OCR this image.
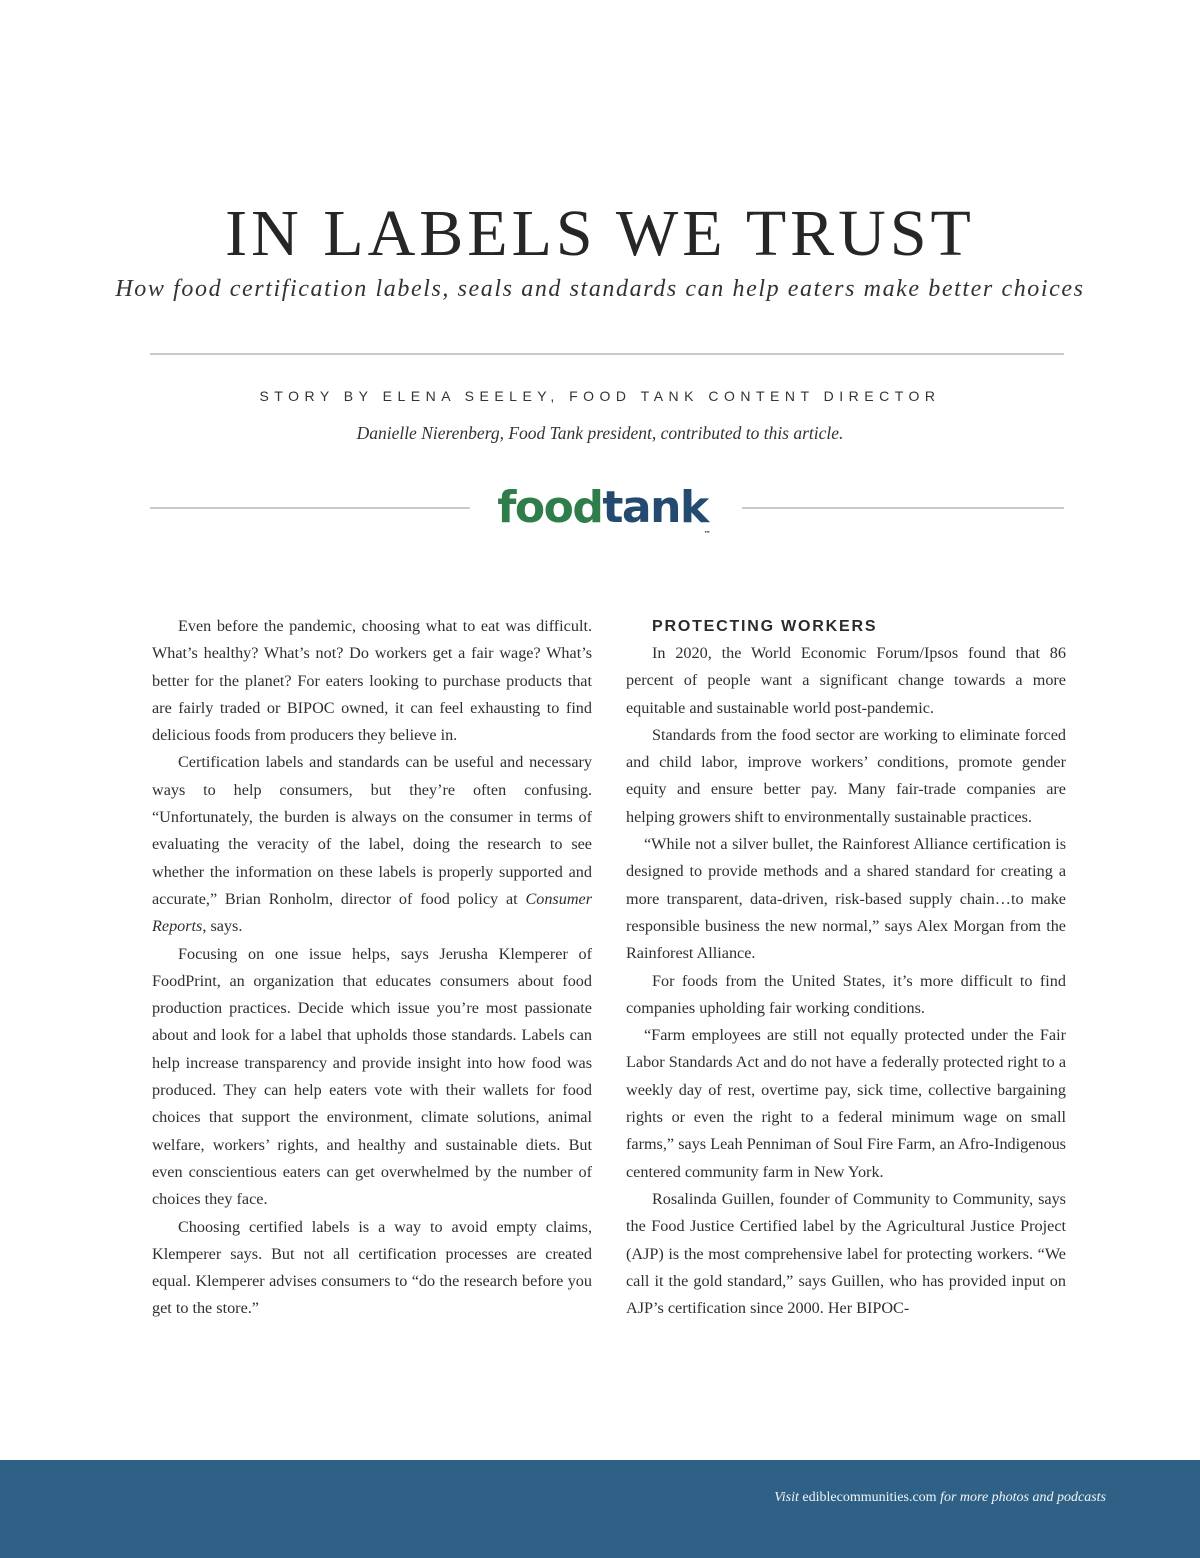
IN LABELS WE TRUST
How food certification labels, seals and standards can help eaters make better choices
STORY BY ELENA SEELEY, FOOD TANK CONTENT DIRECTOR
Danielle Nierenberg, Food Tank president, contributed to this article.
foodtank$_™$

Even before the pandemic, choosing what to eat was difficult. What’s healthy? What’s not? Do workers get a fair wage? What’s better for the planet? For eaters looking to purchase products that are fairly traded or BIPOC owned, it can feel exhausting to find delicious foods from producers they believe in.

Certification labels and standards can be useful and necessary ways to help consumers, but they’re often confusing. “Unfortunately, the burden is always on the consumer in terms of evaluating the veracity of the label, doing the research to see whether the information on these labels is properly supported and accurate,” Brian Ronholm, director of food policy at Consumer Reports, says.

Focusing on one issue helps, says Jerusha Klemperer of FoodPrint, an organization that educates consumers about food production practices. Decide which issue you’re most passionate about and look for a label that upholds those standards. Labels can help increase transparency and provide insight into how food was produced. They can help eaters vote with their wallets for food choices that support the environment, climate solutions, animal welfare, workers’ rights, and healthy and sustainable diets. But even conscientious eaters can get overwhelmed by the number of choices they face.

Choosing certified labels is a way to avoid empty claims, Klemperer says. But not all certification processes are created equal. Klemperer advises consumers to “do the research before you get to the store.”

PROTECTING WORKERS

In 2020, the World Economic Forum/Ipsos found that 86 percent of people want a significant change towards a more equitable and sustainable world post-pandemic.

Standards from the food sector are working to eliminate forced and child labor, improve workers’ conditions, promote gender equity and ensure better pay. Many fair-trade companies are helping growers shift to environmentally sustainable practices.

“While not a silver bullet, the Rainforest Alliance certification is designed to provide methods and a shared standard for creating a more transparent, data-driven, risk-based supply chain…to make responsible business the new normal,” says Alex Morgan from the Rainforest Alliance.

For foods from the United States, it’s more difficult to find companies upholding fair working conditions.

“Farm employees are still not equally protected under the Fair Labor Standards Act and do not have a federally protected right to a weekly day of rest, overtime pay, sick time, collective bargaining rights or even the right to a federal minimum wage on small farms,” says Leah Penniman of Soul Fire Farm, an Afro-Indigenous centered community farm in New York.

Rosalinda Guillen, founder of Community to Community, says the Food Justice Certified label by the Agricultural Justice Project (AJP) is the most comprehensive label for protecting workers. “We call it the gold standard,” says Guillen, who has provided input on AJP’s certification since 2000. Her BIPOC-

Visit ediblecommunities.com for more photos and podcasts
